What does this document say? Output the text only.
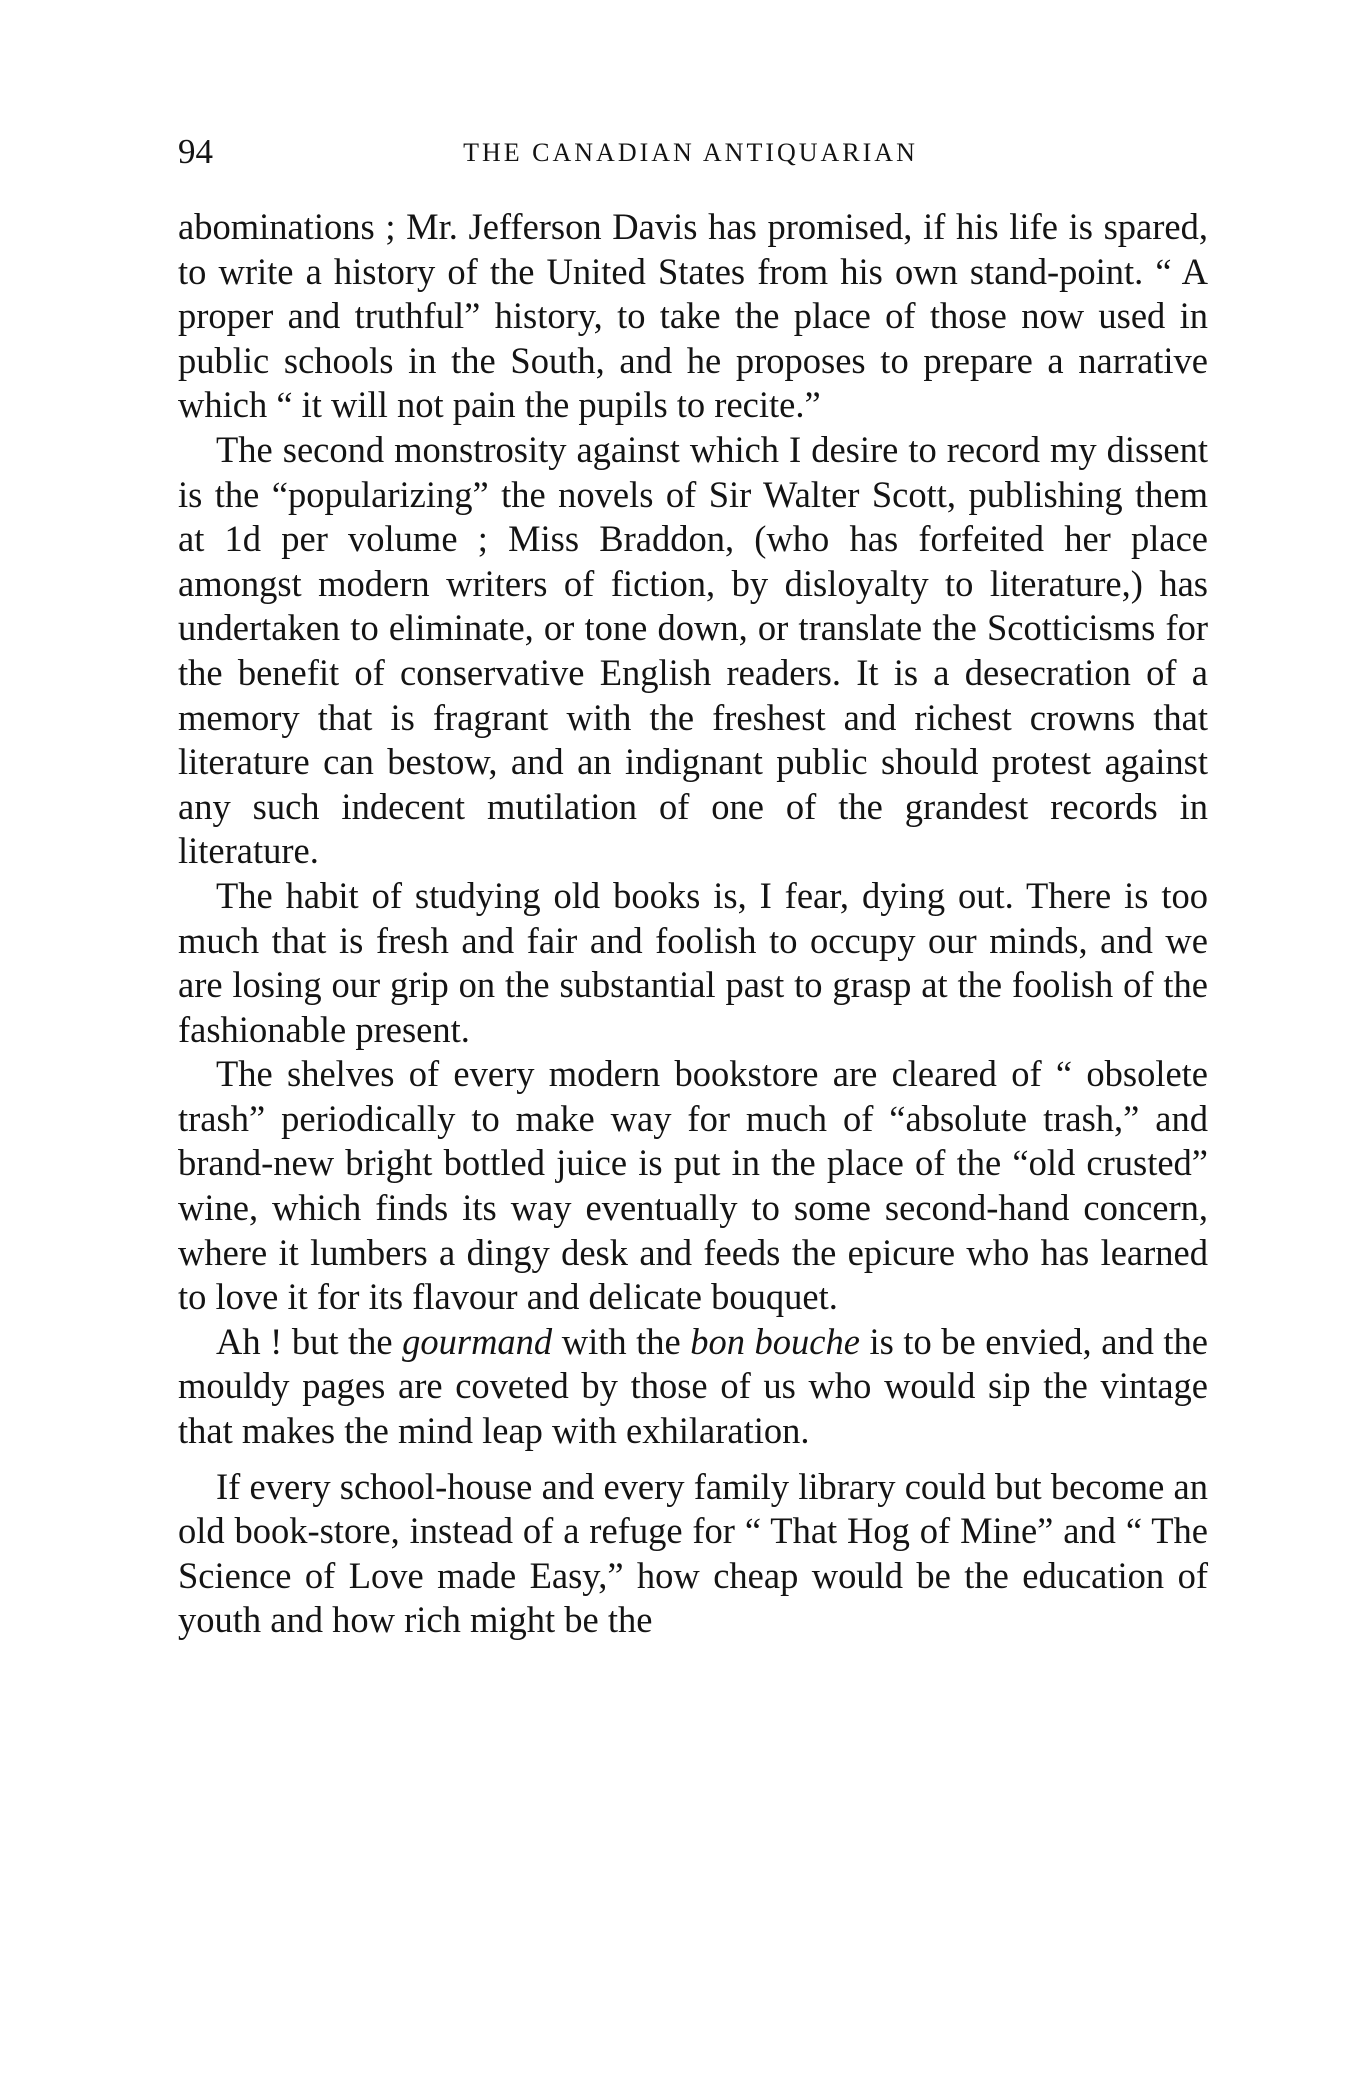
94	THE CANADIAN ANTIQUARIAN

abominations ; Mr. Jefferson Davis has promised, if his life is spared, to write a history of the United States from his own stand-point. “ A proper and truthful” history, to take the place of those now used in public schools in the South, and he proposes to prepare a narrative which “ it will not pain the pupils to recite.”

The second monstrosity against which I desire to record my dissent is the “popularizing” the novels of Sir Walter Scott, publishing them at 1d per volume ; Miss Braddon, (who has forfeited her place amongst modern writers of fiction, by disloyalty to literature,) has undertaken to eliminate, or tone down, or translate the Scotticisms for the benefit of conservative English readers. It is a desecration of a memory that is fragrant with the freshest and richest crowns that literature can bestow, and an indignant public should protest against any such indecent mutilation of one of the grandest records in literature.

The habit of studying old books is, I fear, dying out. There is too much that is fresh and fair and foolish to occupy our minds, and we are losing our grip on the substantial past to grasp at the foolish of the fashionable present.

The shelves of every modern bookstore are cleared of “ obsolete trash” periodically to make way for much of “absolute trash,” and brand-new bright bottled juice is put in the place of the “old crusted” wine, which finds its way eventually to some second-hand concern, where it lumbers a dingy desk and feeds the epicure who has learned to love it for its flavour and delicate bouquet.

Ah ! but the gourmand with the bon bouche is to be envied, and the mouldy pages are coveted by those of us who would sip the vintage that makes the mind leap with exhilaration.

If every school-house and every family library could but become an old book-store, instead of a refuge for “ That Hog of Mine” and “ The Science of Love made Easy,” how cheap would be the education of youth and how rich might be the
